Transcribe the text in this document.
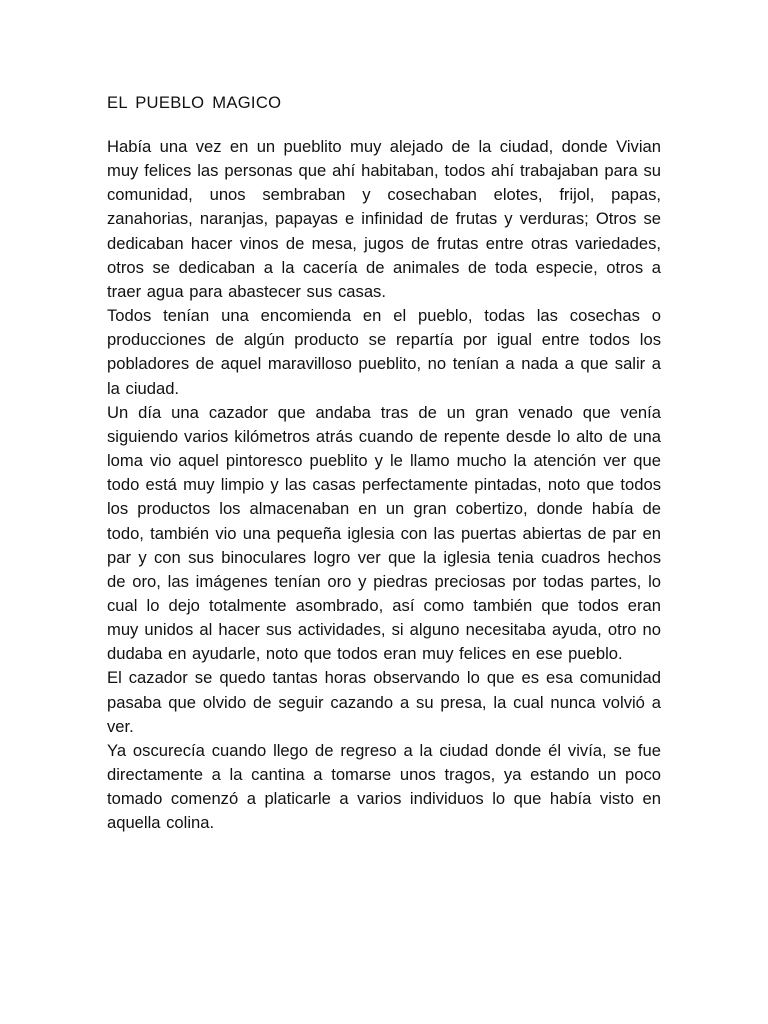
EL PUEBLO MAGICO

Había una vez en un pueblito muy alejado de la ciudad, donde Vivian muy felices las personas que ahí habitaban, todos ahí trabajaban para su comunidad, unos sembraban y cosechaban elotes, frijol, papas, zanahorias, naranjas, papayas e infinidad de frutas y verduras; Otros se dedicaban hacer vinos de mesa, jugos de frutas entre otras variedades, otros se dedicaban a la cacería de animales de toda especie, otros a traer agua para abastecer sus casas.

Todos tenían una encomienda en el pueblo, todas las cosechas o producciones de algún producto se repartía por igual entre todos los pobladores de aquel maravilloso pueblito, no tenían a nada a que salir a la ciudad.

Un día una cazador que andaba tras de un gran venado que venía siguiendo varios kilómetros atrás cuando de repente desde lo alto de una loma vio aquel pintoresco pueblito y le llamo mucho la atención ver que todo está muy limpio y las casas perfectamente pintadas, noto que todos los productos los almacenaban en un gran cobertizo, donde había de todo, también vio una pequeña iglesia con las puertas abiertas de par en par y con sus binoculares logro ver que la iglesia tenia cuadros hechos de oro, las imágenes tenían oro y piedras preciosas por todas partes, lo cual lo dejo totalmente asombrado, así como también que todos eran muy unidos al hacer sus actividades, si alguno necesitaba ayuda, otro no dudaba en ayudarle, noto que todos eran muy felices en ese pueblo.

El cazador se quedo tantas horas observando lo que es esa comunidad pasaba que olvido de seguir cazando a su presa, la cual nunca volvió a ver.

Ya oscurecía cuando llego de regreso a la ciudad donde él vivía, se fue directamente a la cantina a tomarse unos tragos, ya estando un poco tomado comenzó a platicarle a varios individuos lo que había visto en aquella colina.
